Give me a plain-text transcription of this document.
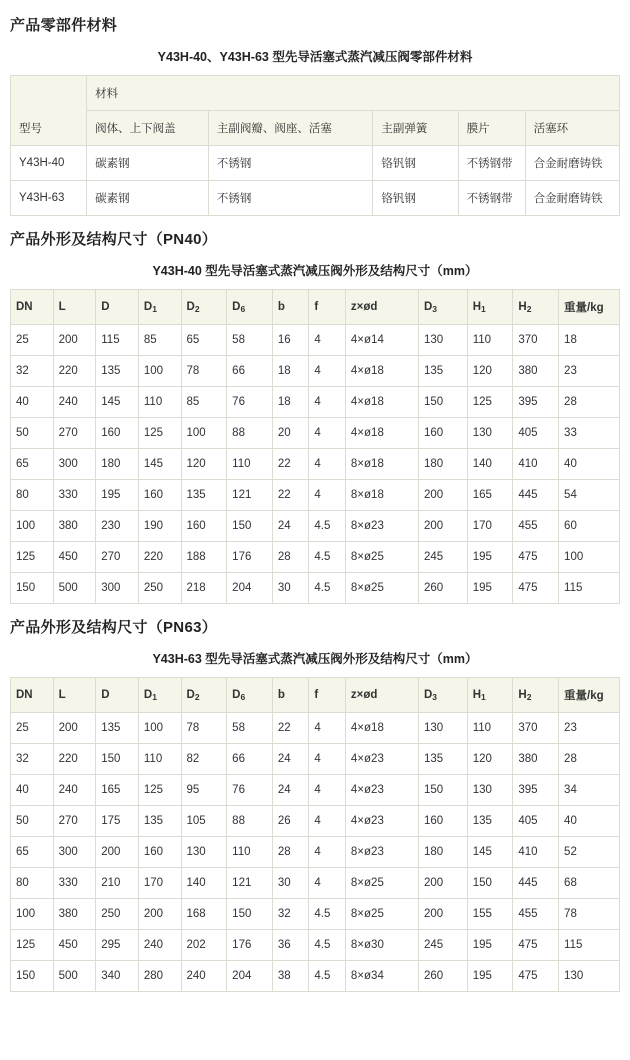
产品零部件材料
Y43H-40、Y43H-63 型先导活塞式蒸汽减压阀零部件材料
型号	材料				
	阀体、上下阀盖	主副阀瓣、阀座、活塞	主副弹簧	膜片	活塞环
Y43H-40	碳素钢	不锈钢	铬钒钢	不锈钢带	合金耐磨铸铁
Y43H-63	碳素钢	不锈钢	铬钒钢	不锈钢带	合金耐磨铸铁
产品外形及结构尺寸（PN40）
Y43H-40 型先导活塞式蒸汽减压阀外形及结构尺寸（mm）
DN	L	D	$D_1$	$D_2$	$D_6$	b	f	z×ød	$D_3$	$H_1$	$H_2$	重量/kg
25	200	115	85	65	58	16	4	4×ø14	130	110	370	18
32	220	135	100	78	66	18	4	4×ø18	135	120	380	23
40	240	145	110	85	76	18	4	4×ø18	150	125	395	28
50	270	160	125	100	88	20	4	4×ø18	160	130	405	33
65	300	180	145	120	110	22	4	8×ø18	180	140	410	40
80	330	195	160	135	121	22	4	8×ø18	200	165	445	54
100	380	230	190	160	150	24	4.5	8×ø23	200	170	455	60
125	450	270	220	188	176	28	4.5	8×ø25	245	195	475	100
150	500	300	250	218	204	30	4.5	8×ø25	260	195	475	115
产品外形及结构尺寸（PN63）
Y43H-63 型先导活塞式蒸汽减压阀外形及结构尺寸（mm）
DN	L	D	$D_1$	$D_2$	$D_6$	b	f	z×ød	$D_3$	$H_1$	$H_2$	重量/kg
25	200	135	100	78	58	22	4	4×ø18	130	110	370	23
32	220	150	110	82	66	24	4	4×ø23	135	120	380	28
40	240	165	125	95	76	24	4	4×ø23	150	130	395	34
50	270	175	135	105	88	26	4	4×ø23	160	135	405	40
65	300	200	160	130	110	28	4	8×ø23	180	145	410	52
80	330	210	170	140	121	30	4	8×ø25	200	150	445	68
100	380	250	200	168	150	32	4.5	8×ø25	200	155	455	78
125	450	295	240	202	176	36	4.5	8×ø30	245	195	475	115
150	500	340	280	240	204	38	4.5	8×ø34	260	195	475	130
